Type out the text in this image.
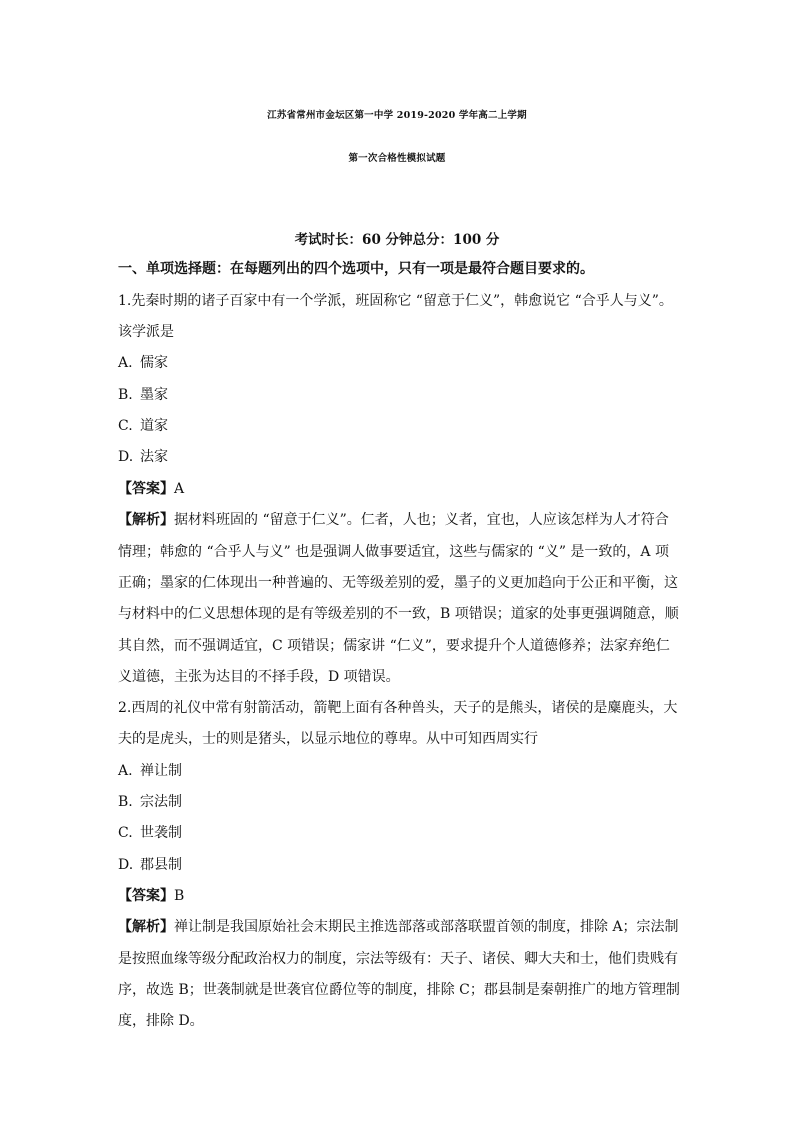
江苏省常州市金坛区第一中学 2019-2020 学年高二上学期
第一次合格性模拟试题
考试时长：60 分钟总分：100 分
一、单项选择题：在每题列出的四个选项中，只有一项是最符合题目要求的。
1.先秦时期的诸子百家中有一个学派，班固称它 “留意于仁义”，韩愈说它 “合乎人与义”。
该学派是
A. 儒家
B. 墨家
C. 道家
D. 法家
【答案】A
【解析】据材料班固的 “留意于仁义”。仁者，人也；义者，宜也，人应该怎样为人才符合
情理；韩愈的 “合乎人与义” 也是强调人做事要适宜，这些与儒家的 “义” 是一致的，A 项
正确；墨家的仁体现出一种普遍的、无等级差别的爱，墨子的义更加趋向于公正和平衡，这
与材料中的仁义思想体现的是有等级差别的不一致，B 项错误；道家的处事更强调随意，顺
其自然，而不强调适宜，C 项错误；儒家讲 “仁义”，要求提升个人道德修养；法家弃绝仁
义道德，主张为达目的不择手段，D 项错误。
2.西周的礼仪中常有射箭活动，箭靶上面有各种兽头，天子的是熊头，诸侯的是麋鹿头，大
夫的是虎头，士的则是猪头，以显示地位的尊卑。从中可知西周实行
A. 禅让制
B. 宗法制
C. 世袭制
D. 郡县制
【答案】B
【解析】禅让制是我国原始社会末期民主推选部落或部落联盟首领的制度，排除 A；宗法制
是按照血缘等级分配政治权力的制度，宗法等级有：天子、诸侯、卿大夫和士，他们贵贱有
序，故选 B；世袭制就是世袭官位爵位等的制度，排除 C；郡县制是秦朝推广的地方管理制
度，排除 D。
